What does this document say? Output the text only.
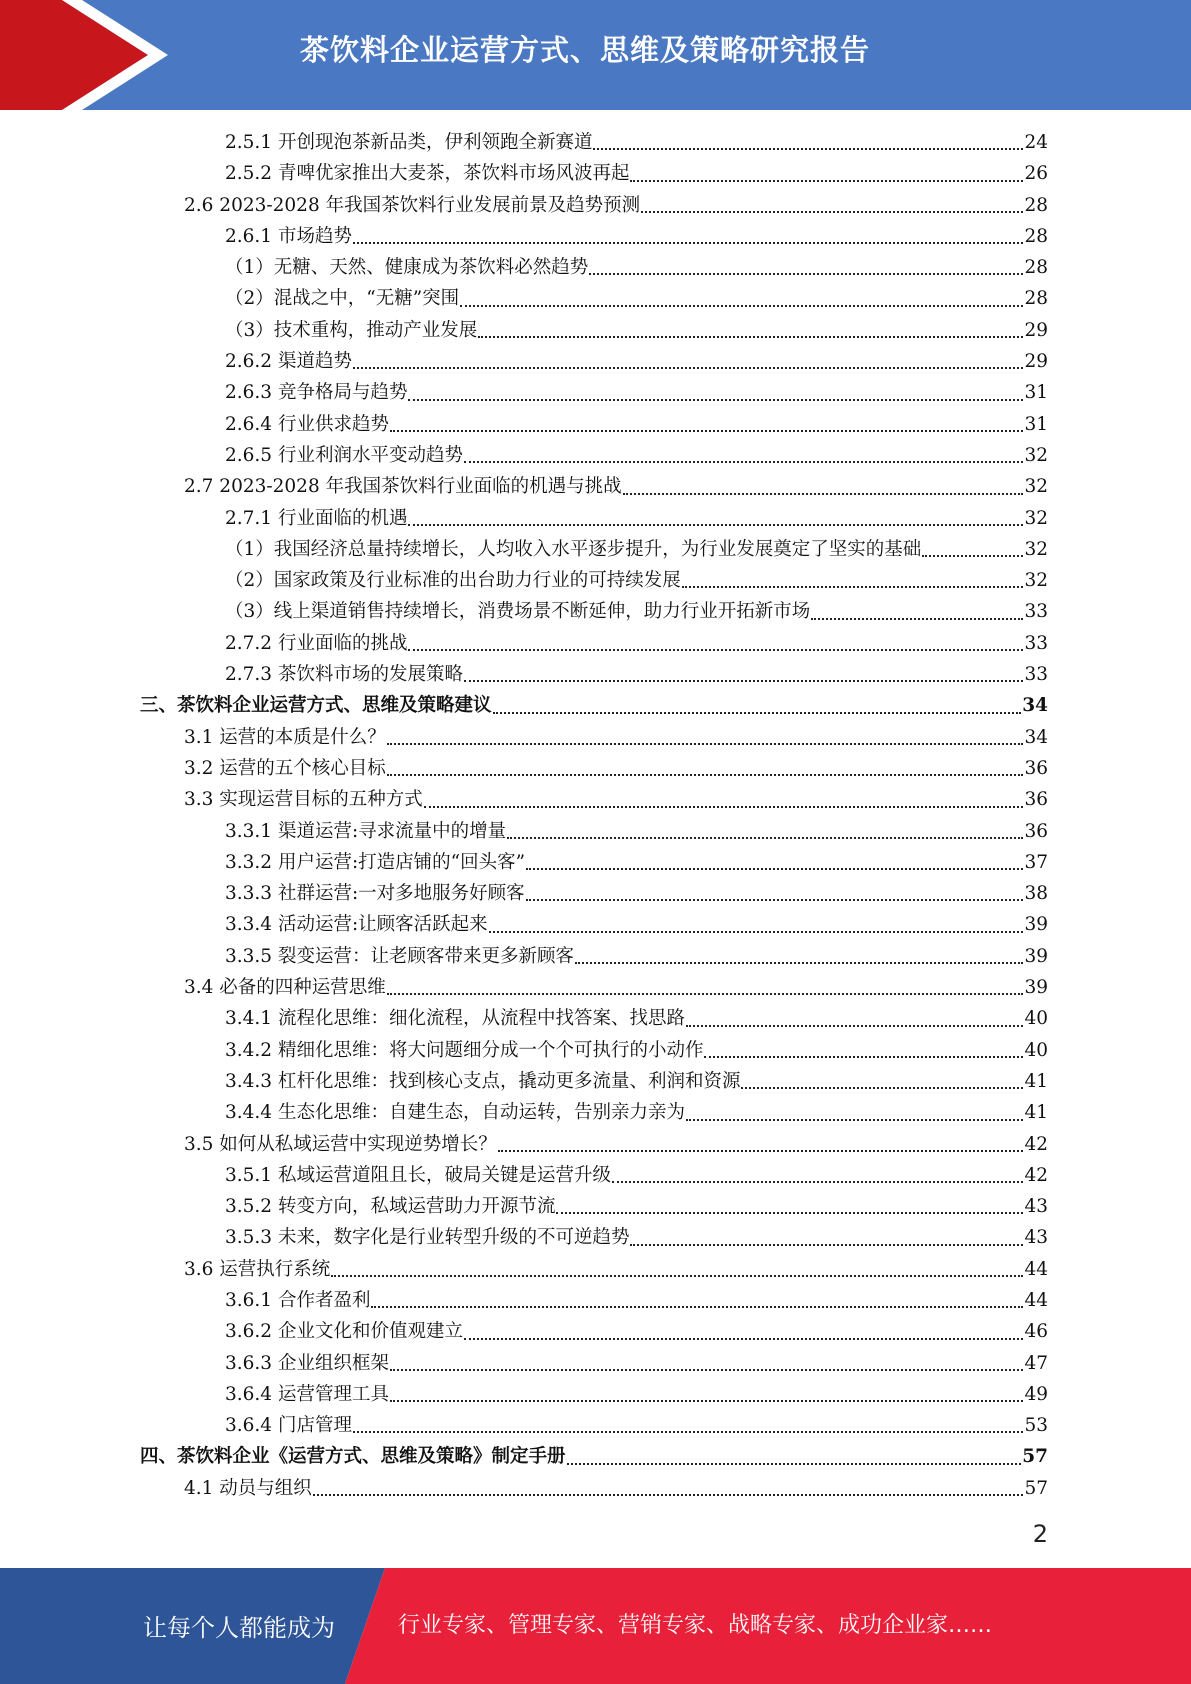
茶饮料企业运营方式、思维及策略研究报告
2.5.1 开创现泡茶新品类，伊利领跑全新赛道	24
2.5.2 青啤优家推出大麦茶，茶饮料市场风波再起	26
2.6 2023-2028 年我国茶饮料行业发展前景及趋势预测	28
2.6.1 市场趋势	28
（1）无糖、天然、健康成为茶饮料必然趋势	28
（2）混战之中，“无糖”突围	28
（3）技术重构，推动产业发展	29
2.6.2 渠道趋势	29
2.6.3 竞争格局与趋势	31
2.6.4 行业供求趋势	31
2.6.5 行业利润水平变动趋势	32
2.7 2023-2028 年我国茶饮料行业面临的机遇与挑战	32
2.7.1 行业面临的机遇	32
（1）我国经济总量持续增长，人均收入水平逐步提升，为行业发展奠定了坚实的基础	32
（2）国家政策及行业标准的出台助力行业的可持续发展	32
（3）线上渠道销售持续增长，消费场景不断延伸，助力行业开拓新市场	33
2.7.2 行业面临的挑战	33
2.7.3 茶饮料市场的发展策略	33
三、茶饮料企业运营方式、思维及策略建议	34
3.1 运营的本质是什么？	34
3.2 运营的五个核心目标	36
3.3 实现运营目标的五种方式	36
3.3.1 渠道运营:寻求流量中的增量	36
3.3.2 用户运营:打造店铺的“回头客”	37
3.3.3 社群运营:一对多地服务好顾客	38
3.3.4 活动运营:让顾客活跃起来	39
3.3.5 裂变运营：让老顾客带来更多新顾客	39
3.4 必备的四种运营思维	39
3.4.1 流程化思维：细化流程，从流程中找答案、找思路	40
3.4.2 精细化思维：将大问题细分成一个个可执行的小动作	40
3.4.3 杠杆化思维：找到核心支点，撬动更多流量、利润和资源	41
3.4.4 生态化思维：自建生态，自动运转，告别亲力亲为	41
3.5 如何从私域运营中实现逆势增长？	42
3.5.1 私域运营道阻且长，破局关键是运营升级	42
3.5.2 转变方向，私域运营助力开源节流	43
3.5.3 未来，数字化是行业转型升级的不可逆趋势	43
3.6 运营执行系统	44
3.6.1 合作者盈利	44
3.6.2 企业文化和价值观建立	46
3.6.3 企业组织框架	47
3.6.4 运营管理工具	49
3.6.4 门店管理	53
四、茶饮料企业《运营方式、思维及策略》制定手册	57
4.1 动员与组织	57
2
让每个人都能成为	行业专家、管理专家、营销专家、战略专家、成功企业家……
